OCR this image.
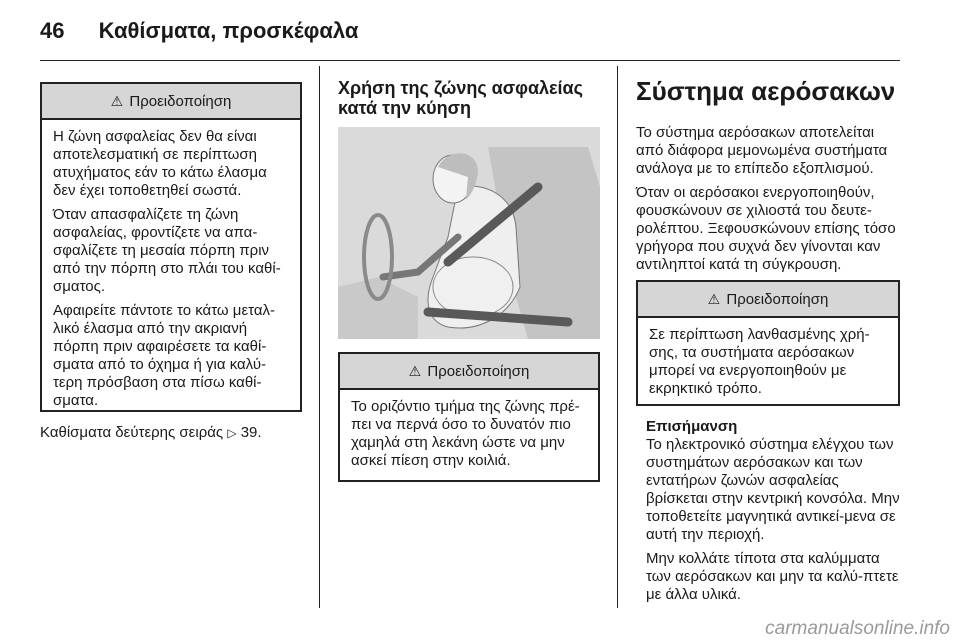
46 Καθίσματα, προσκέφαλα
⚠ Προειδοποίηση

Η ζώνη ασφαλείας δεν θα είναι αποτελεσματική σε περίπτωση ατυχήματος εάν το κάτω έλασμα δεν έχει τοποθετηθεί σωστά.

Όταν απασφαλίζετε τη ζώνη ασφαλείας, φροντίζετε να απα-σφαλίζετε τη μεσαία πόρπη πριν από την πόρπη στο πλάι του καθί-σματος.

Αφαιρείτε πάντοτε το κάτω μεταλ-λικό έλασμα από την ακριανή πόρπη πριν αφαιρέσετε τα καθί-σματα από το όχημα ή για καλύ-τερη πρόσβαση στα πίσω καθί-σματα.

Καθίσματα δεύτερης σειράς ▷ 39.
Χρήση της ζώνης ασφαλείας κατά την κύηση
⚠ Προειδοποίηση

Το οριζόντιο τμήμα της ζώνης πρέ-πει να περνά όσο το δυνατόν πιο χαμηλά στη λεκάνη ώστε να μην ασκεί πίεση στην κοιλιά.

Σύστημα αερόσακων

Το σύστημα αερόσακων αποτελείται από διάφορα μεμονωμένα συστήματα ανάλογα με το επίπεδο εξοπλισμού.

Όταν οι αερόσακοι ενεργοποιηθούν, φουσκώνουν σε χιλιοστά του δευτε-ρολέπτου. Ξεφουσκώνουν επίσης τόσο γρήγορα που συχνά δεν γίνονται καν αντιληπτοί κατά τη σύγκρουση.

⚠ Προειδοποίηση

Σε περίπτωση λανθασμένης χρή-σης, τα συστήματα αερόσακων μπορεί να ενεργοποιηθούν με εκρηκτικό τρόπο.

Επισήμανση

Το ηλεκτρονικό σύστημα ελέγχου των συστημάτων αερόσακων και των εντατήρων ζωνών ασφαλείας βρίσκεται στην κεντρική κονσόλα. Μην τοποθετείτε μαγνητικά αντικεί-μενα σε αυτή την περιοχή.

Μην κολλάτε τίποτα στα καλύμματα των αερόσακων και μην τα καλύ-πτετε με άλλα υλικά.

carmanualsonline.info
